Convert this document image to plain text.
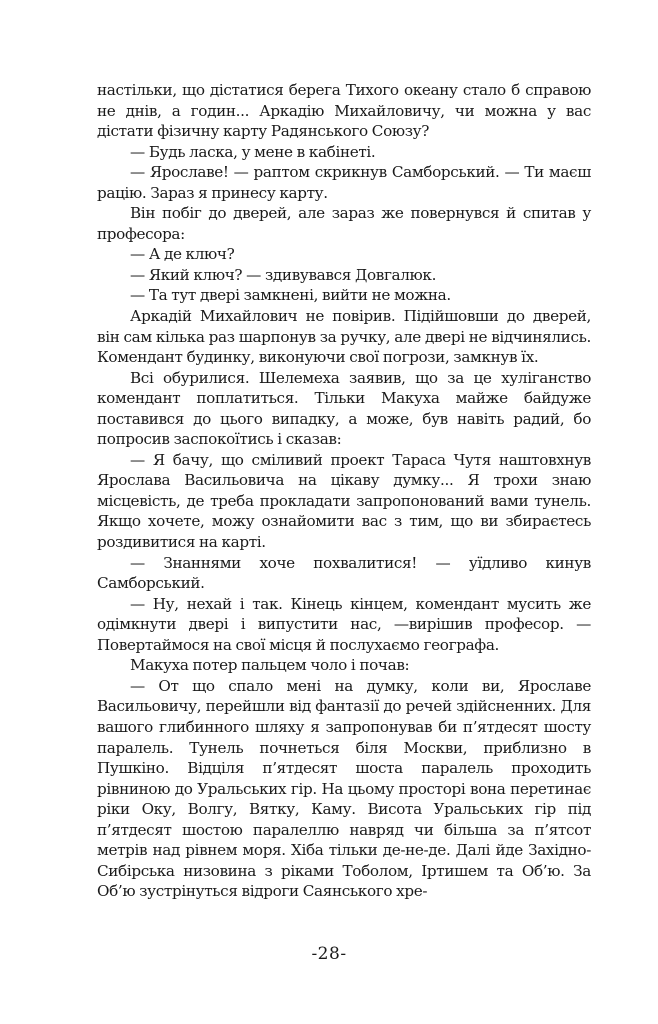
настільки, що дістатися берега Тихого океану стало б справою не днів, а годин... Аркадію Михайловичу, чи можна у вас дістати фізичну карту Радянського Союзу?

— Будь ласка, у мене в кабінеті.

— Ярославе! — раптом скрикнув Самборський. — Ти маєш рацію. Зараз я принесу карту.

Він побіг до дверей, але зараз же повернувся й спитав у професора:

— А де ключ?

— Який ключ? — здивувався Довгалюк.

— Та тут двері замкнені, вийти не можна.

Аркадій Михайлович не повірив. Підійшовши до дверей, він сам кілька раз шарпонув за ручку, але двері не відчинялись. Комендант будинку, виконуючи свої погрози, замкнув їх.

Всі обурилися. Шелемеха заявив, що за це хуліганство комендант поплатиться. Тільки Макуха майже байдуже поставився до цього випадку, а може, був навіть радий, бо попросив заспокоїтись і сказав:

— Я бачу, що сміливий проект Тараса Чутя наштовхнув Ярослава Васильовича на цікаву думку... Я трохи знаю місцевість, де треба прокладати запропонований вами тунель. Якщо хочете, можу ознайомити вас з тим, що ви збираєтесь роздивитися на карті.

— Знаннями хоче похвалитися! — уїдливо кинув Самборський.

— Ну, нехай і так. Кінець кінцем, комендант мусить же одімкнути двері і випустити нас, —вирішив професор. — Повертаймося на свої місця й послухаємо географа.

Макуха потер пальцем чоло і почав:

— От що спало мені на думку, коли ви, Ярославе Васильовичу, перейшли від фантазії до речей здійсненних. Для вашого глибинного шляху я запропонував би п’ятдесят шосту паралель. Тунель почнеться біля Москви, приблизно в Пушкіно. Відціля п’ятдесят шоста паралель проходить рівниною до Уральських гір. На цьому просторі вона перетинає ріки Оку, Волгу, Вятку, Каму. Висота Уральських гір під п’ятдесят шостою паралеллю навряд чи більша за п’ятсот метрів над рівнем моря. Хіба тільки де-не-де. Далі йде Західно-Сибірська низовина з ріками Тоболом, Іртишем та Об’ю. За Об’ю зустрінуться відроги Саянського хре-

-28-
